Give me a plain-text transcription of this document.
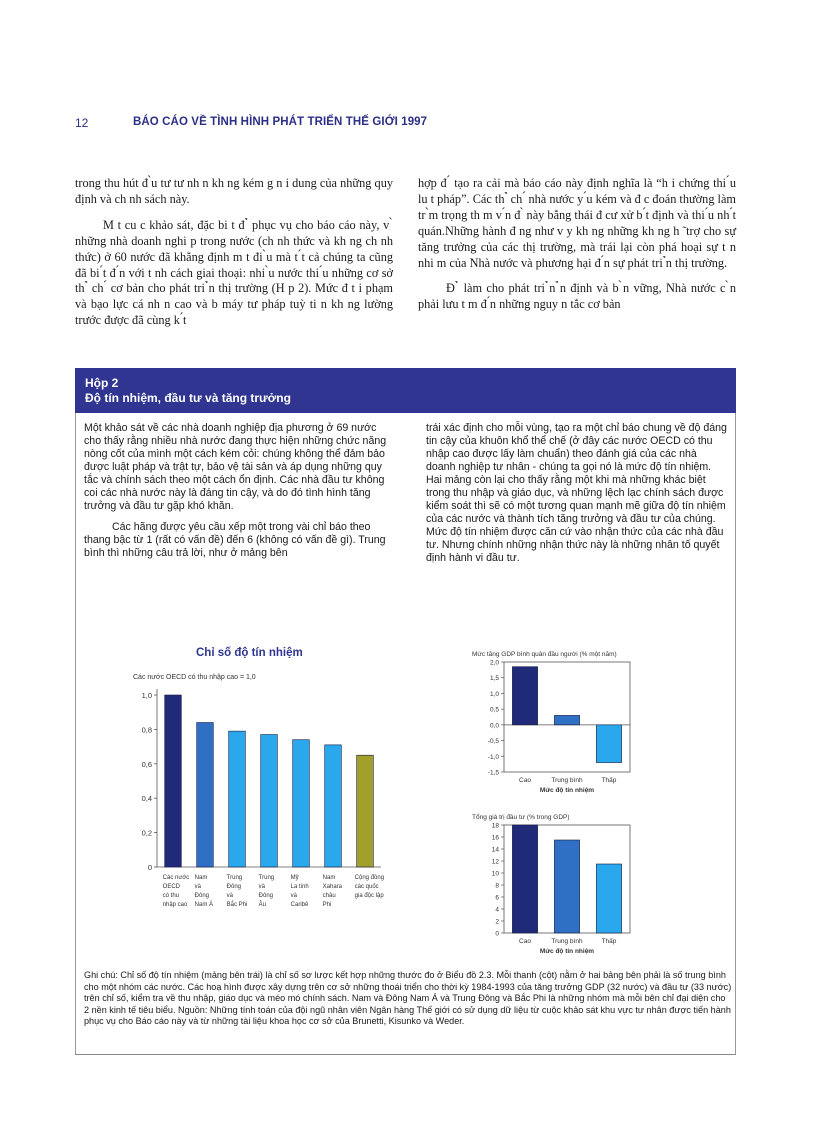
12	BÁO CÁO VỀ TÌNH HÌNH PHÁT TRIỂN THẾ GIỚI 1997

trong thu hút đ ̀u tư tư nh n kh ng kém g n i dung của những quy định và ch nh sách này.

M t cu c khảo sát, đặc bi t đ ̉ phục vụ cho báo cáo này, v ̀ những nhà doanh nghi p trong nước (ch nh thức và kh ng ch nh thức) ở 60 nước đã khẳng định m t đi ̀u mà t ́t cả chúng ta cũng đã bi ́t đ ́n với t nh cách giai thoại: nhi ̀u nước thi ́u những cơ sở th ̉ ch ́ cơ bản cho phát tri ̉n thị trường (H p 2). Mức đ t i phạm và bạo lực cá nh n cao và b máy tư pháp tuỳ ti n kh ng lường trước được đã cùng k ́t

hợp đ ́ tạo ra cải mà báo cáo này định nghĩa là “h i chứng thi ́u lu t pháp”. Các th ̉ ch ́ nhà nước y ́u kém và đ c đoán thường làm tr ̀m trọng th m v ́n đ ̀ này bằng thái đ cư xử b ́t định và thi ́u nh ́t quán.Những hành đ ng như v y kh ng những kh ng h ̃ trợ cho sự tăng trưởng của các thị trường, mà trái lại còn phá hoại sự t n nhi m của Nhà nước và phương hại đ ́n sự phát tri ̉n thị trường.

Đ ̉ làm cho phát tri ̉n ̉n định và b ̀n vững, Nhà nước c ̀n phải lưu t m đ ́n những nguy n tắc cơ bản

Hộp 2
Độ tín nhiệm, đầu tư và tăng trưởng

Một khảo sát về các nhà doanh nghiệp địa phương ở 69 nước cho thấy rằng nhiều nhà nước đang thực hiện những chức năng nòng cốt của mình một cách kém cỏi: chúng không thể đảm bảo được luật pháp và trật tự, bảo vệ tài sản và áp dụng những quy tắc và chính sách theo một cách ổn định. Các nhà đầu tư không coi các nhà nước này là đáng tin cậy, và do đó tình hình tăng trưởng và đầu tư gặp khó khăn.

Các hãng được yêu cầu xếp một trong vài chỉ báo theo thang bậc từ 1 (rất có vấn đề) đến 6 (không có vấn đề gì). Trung bình thì những câu trả lời, như ở mảng bên

trái xác định cho mỗi vùng, tạo ra một chỉ báo chung về độ đáng tin cậy của khuôn khổ thể chế (ở đây các nước OECD có thu nhập cao được lấy làm chuẩn) theo đánh giá của các nhà doanh nghiệp tư nhân - chúng ta gọi nó là mức độ tín nhiệm. Hai mảng còn lại cho thấy rằng một khi mà những khác biệt trong thu nhập và giáo dục, và những lệch lạc chính sách được kiểm soát thì sẽ có một tương quan mạnh mẽ giữa độ tín nhiệm của các nước và thành tích tăng trưởng và đầu tư của chúng. Mức độ tín nhiệm được căn cứ vào nhận thức của các nhà đầu tư. Nhưng chính những nhận thức này là những nhân tố quyết định hành vi đầu tư.

Chỉ số độ tín nhiệm
Các nước OECD có thu nhập cao = 1,0
0
0,2
0,4
0,6
0,8
1,0
Các nước
OECD
có thu
nhập cao
Nam
và
Đông
Nam Á
Trung
Đông
và
Bắc Phi
Trung
và
Đông
Âu
Mỹ
La tinh
và
Caribê
Nam
Xahara
châu
Phi
Cộng đồng
các quốc
gia độc lập
Mức tăng GDP bình quân đầu người (% một năm)
-1,5
-1,0
-0,5
0,0
0,5
1,0
1,5
2,0
Cao	Trung bình	Thấp
Mức độ tín nhiệm
Tổng giá trị đầu tư (% trong GDP)
0
2
4
6
8
10
12
14
16
18
Cao	Trung bình	Thấp
Mức độ tín nhiệm
Ghi chú: Chỉ số độ tín nhiệm (mảng bên trái) là chỉ số sơ lược kết hợp những thước đo ở Biểu đồ 2.3. Mỗi thanh (cột) nằm ở hai bảng bên phải là số trung bình cho một nhóm các nước. Các hoạ hình được xây dựng trên cơ sở những thoái triển cho thời kỳ 1984-1993 của tăng trưởng GDP (32 nước) và đầu tư (33 nước) trên chỉ số, kiểm tra về thu nhập, giáo dục và méo mó chính sách. Nam và Đông Nam Á và Trung Đông và Bắc Phi là những nhóm mà mỗi bên chỉ đại diện cho 2 nền kinh tế tiêu biểu. Nguồn: Những tính toán của đội ngũ nhân viên Ngân hàng Thế giới có sử dụng dữ liệu từ cuộc khảo sát khu vực tư nhân được tiến hành phục vụ cho Báo cáo này và từ những tài liệu khoa học cơ sở của Brunetti, Kisunko và Weder.
